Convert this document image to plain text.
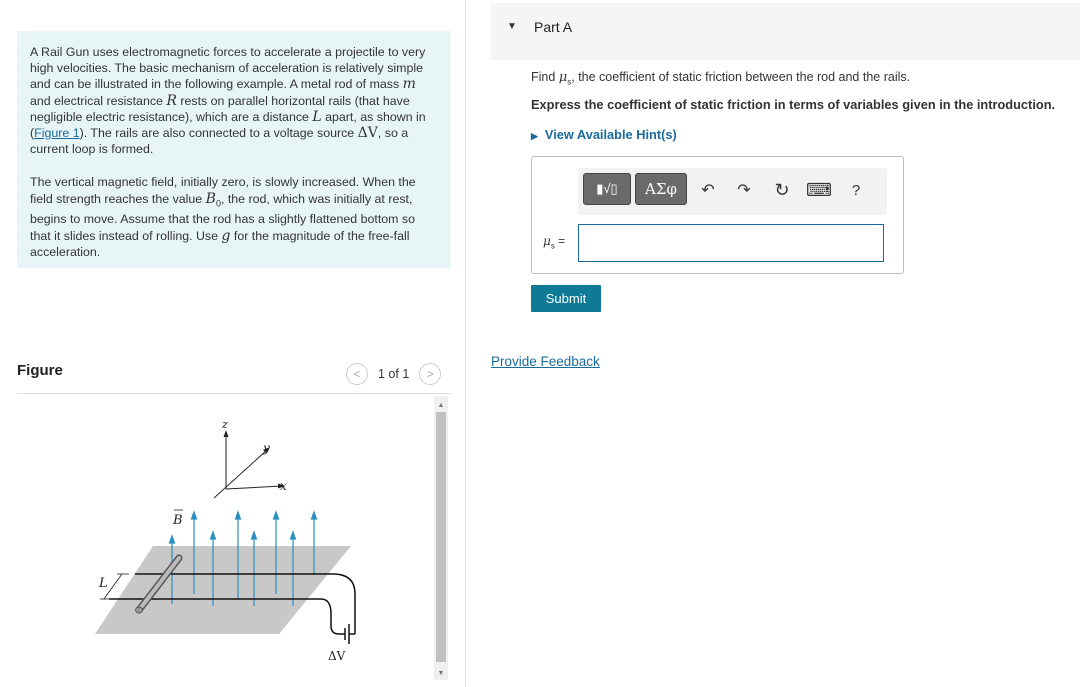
A Rail Gun uses electromagnetic forces to accelerate a projectile to very high velocities. The basic mechanism of acceleration is relatively simple and can be illustrated in the following example. A metal rod of mass m and electrical resistance R rests on parallel horizontal rails (that have negligible electric resistance), which are a distance L apart, as shown in (Figure 1). The rails are also connected to a voltage source ΔV, so a current loop is formed.

The vertical magnetic field, initially zero, is slowly increased. When the field strength reaches the value $B_0$, the rod, which was initially at rest, begins to move. Assume that the rod has a slightly flattened bottom so that it slides instead of rolling. Use g for the magnitude of the free-fall acceleration.

Figure	< 1 of 1 >
z
y
x
B
ΔV
L
▲
▼
▼ Part A
Find $\mu_s$, the coefficient of static friction between the rod and the rails.
Express the coefficient of static friction in terms of variables given in the introduction.
▶ View Available Hint(s)
▮√▯ ΑΣφ ↶ ↷ ↻ ⌨	?
$\mu_s$ =
Submit
Provide Feedback
